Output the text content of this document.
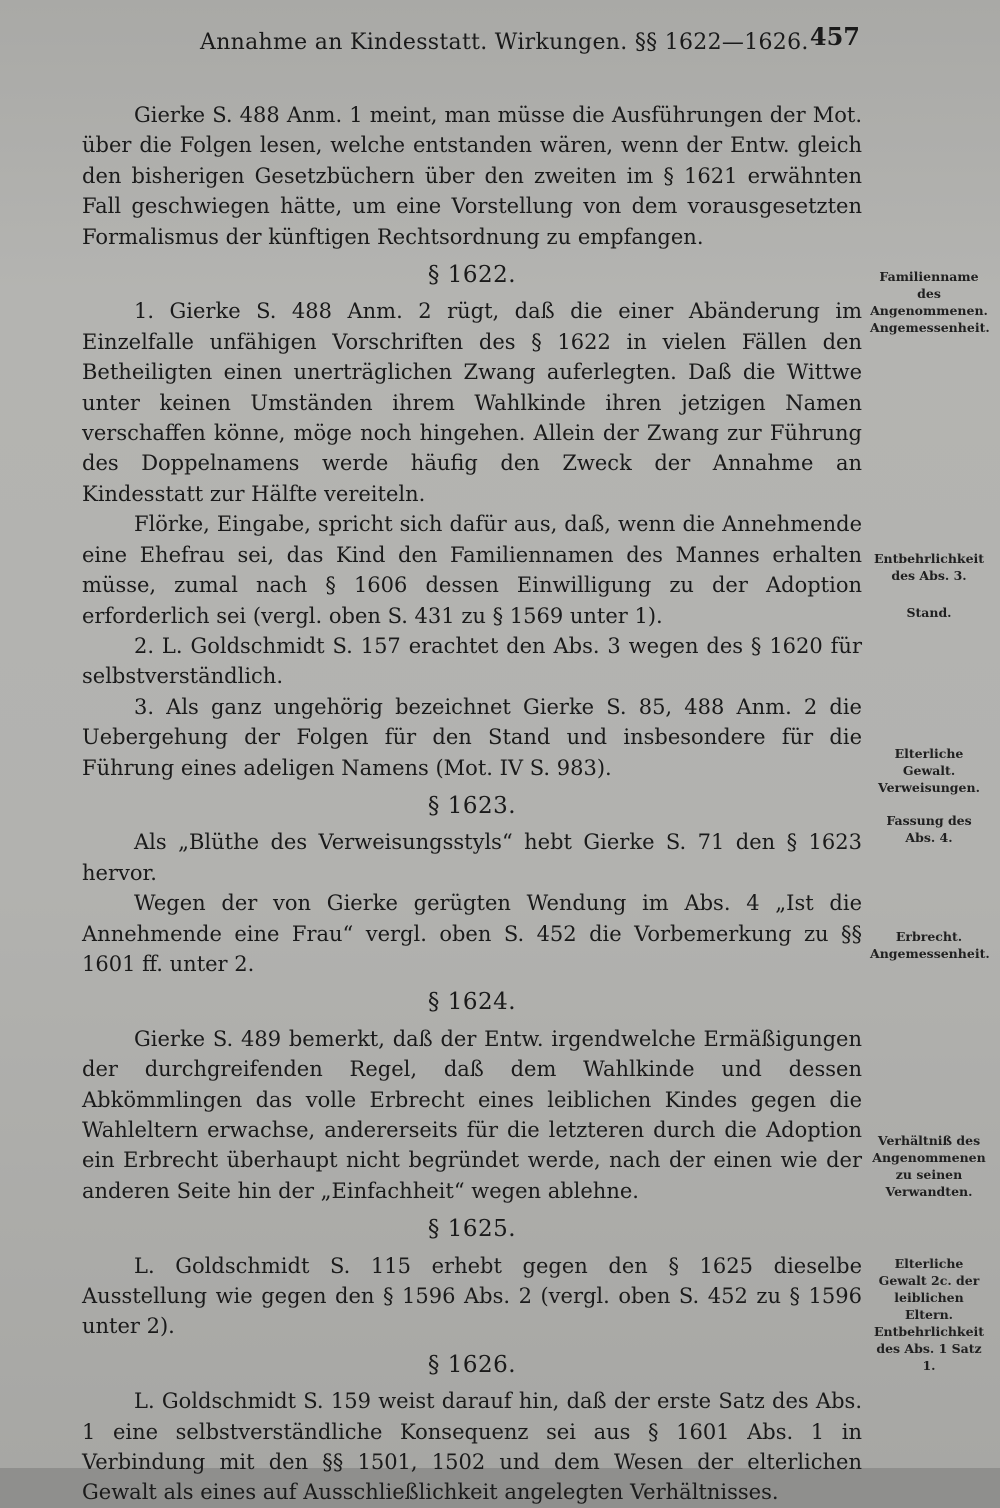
Annahme an Kindesstatt. Wirkungen. §§ 1622—1626. 457

Gierke S. 488 Anm. 1 meint, man müsse die Ausführungen der Mot. über die Folgen lesen, welche entstanden wären, wenn der Entw. gleich den bisherigen Gesetzbüchern über den zweiten im § 1621 erwähnten Fall geschwiegen hätte, um eine Vorstellung von dem vorausgesetzten Formalismus der künftigen Rechtsordnung zu empfangen.

§ 1622.

1. Gierke S. 488 Anm. 2 rügt, daß die einer Abänderung im Einzelfalle unfähigen Vorschriften des § 1622 in vielen Fällen den Betheiligten einen unerträglichen Zwang auferlegten. Daß die Wittwe unter keinen Umständen ihrem Wahlkinde ihren jetzigen Namen verschaffen könne, möge noch hingehen. Allein der Zwang zur Führung des Doppelnamens werde häufig den Zweck der Annahme an Kindesstatt zur Hälfte vereiteln.

Flörke, Eingabe, spricht sich dafür aus, daß, wenn die Annehmende eine Ehefrau sei, das Kind den Familiennamen des Mannes erhalten müsse, zumal nach § 1606 dessen Einwilligung zu der Adoption erforderlich sei (vergl. oben S. 431 zu § 1569 unter 1).

2. L. Goldschmidt S. 157 erachtet den Abs. 3 wegen des § 1620 für selbstverständlich.

3. Als ganz ungehörig bezeichnet Gierke S. 85, 488 Anm. 2 die Uebergehung der Folgen für den Stand und insbesondere für die Führung eines adeligen Namens (Mot. IV S. 983).

§ 1623.

Als „Blüthe des Verweisungsstyls“ hebt Gierke S. 71 den § 1623 hervor.

Wegen der von Gierke gerügten Wendung im Abs. 4 „Ist die Annehmende eine Frau“ vergl. oben S. 452 die Vorbemerkung zu §§ 1601 ff. unter 2.

§ 1624.

Gierke S. 489 bemerkt, daß der Entw. irgendwelche Ermäßigungen der durchgreifenden Regel, daß dem Wahlkinde und dessen Abkömmlingen das volle Erbrecht eines leiblichen Kindes gegen die Wahleltern erwachse, andererseits für die letzteren durch die Adoption ein Erbrecht überhaupt nicht begründet werde, nach der einen wie der anderen Seite hin der „Einfachheit“ wegen ablehne.

§ 1625.

L. Goldschmidt S. 115 erhebt gegen den § 1625 dieselbe Ausstellung wie gegen den § 1596 Abs. 2 (vergl. oben S. 452 zu § 1596 unter 2).

§ 1626.

L. Goldschmidt S. 159 weist darauf hin, daß der erste Satz des Abs. 1 eine selbstverständliche Konsequenz sei aus § 1601 Abs. 1 in Verbindung mit den §§ 1501, 1502 und dem Wesen der elterlichen Gewalt als eines auf Ausschließlichkeit angelegten Verhältnisses.

Familienname des Angenommenen. Angemessenheit.
Entbehrlichkeit des Abs. 3.
Stand.
Elterliche Gewalt. Verweisungen.
Fassung des Abs. 4.
Erbrecht. Angemessenheit.
Verhältniß des Angenommenen zu seinen Verwandten.
Elterliche Gewalt 2c. der leiblichen Eltern. Entbehrlichkeit des Abs. 1 Satz 1.
